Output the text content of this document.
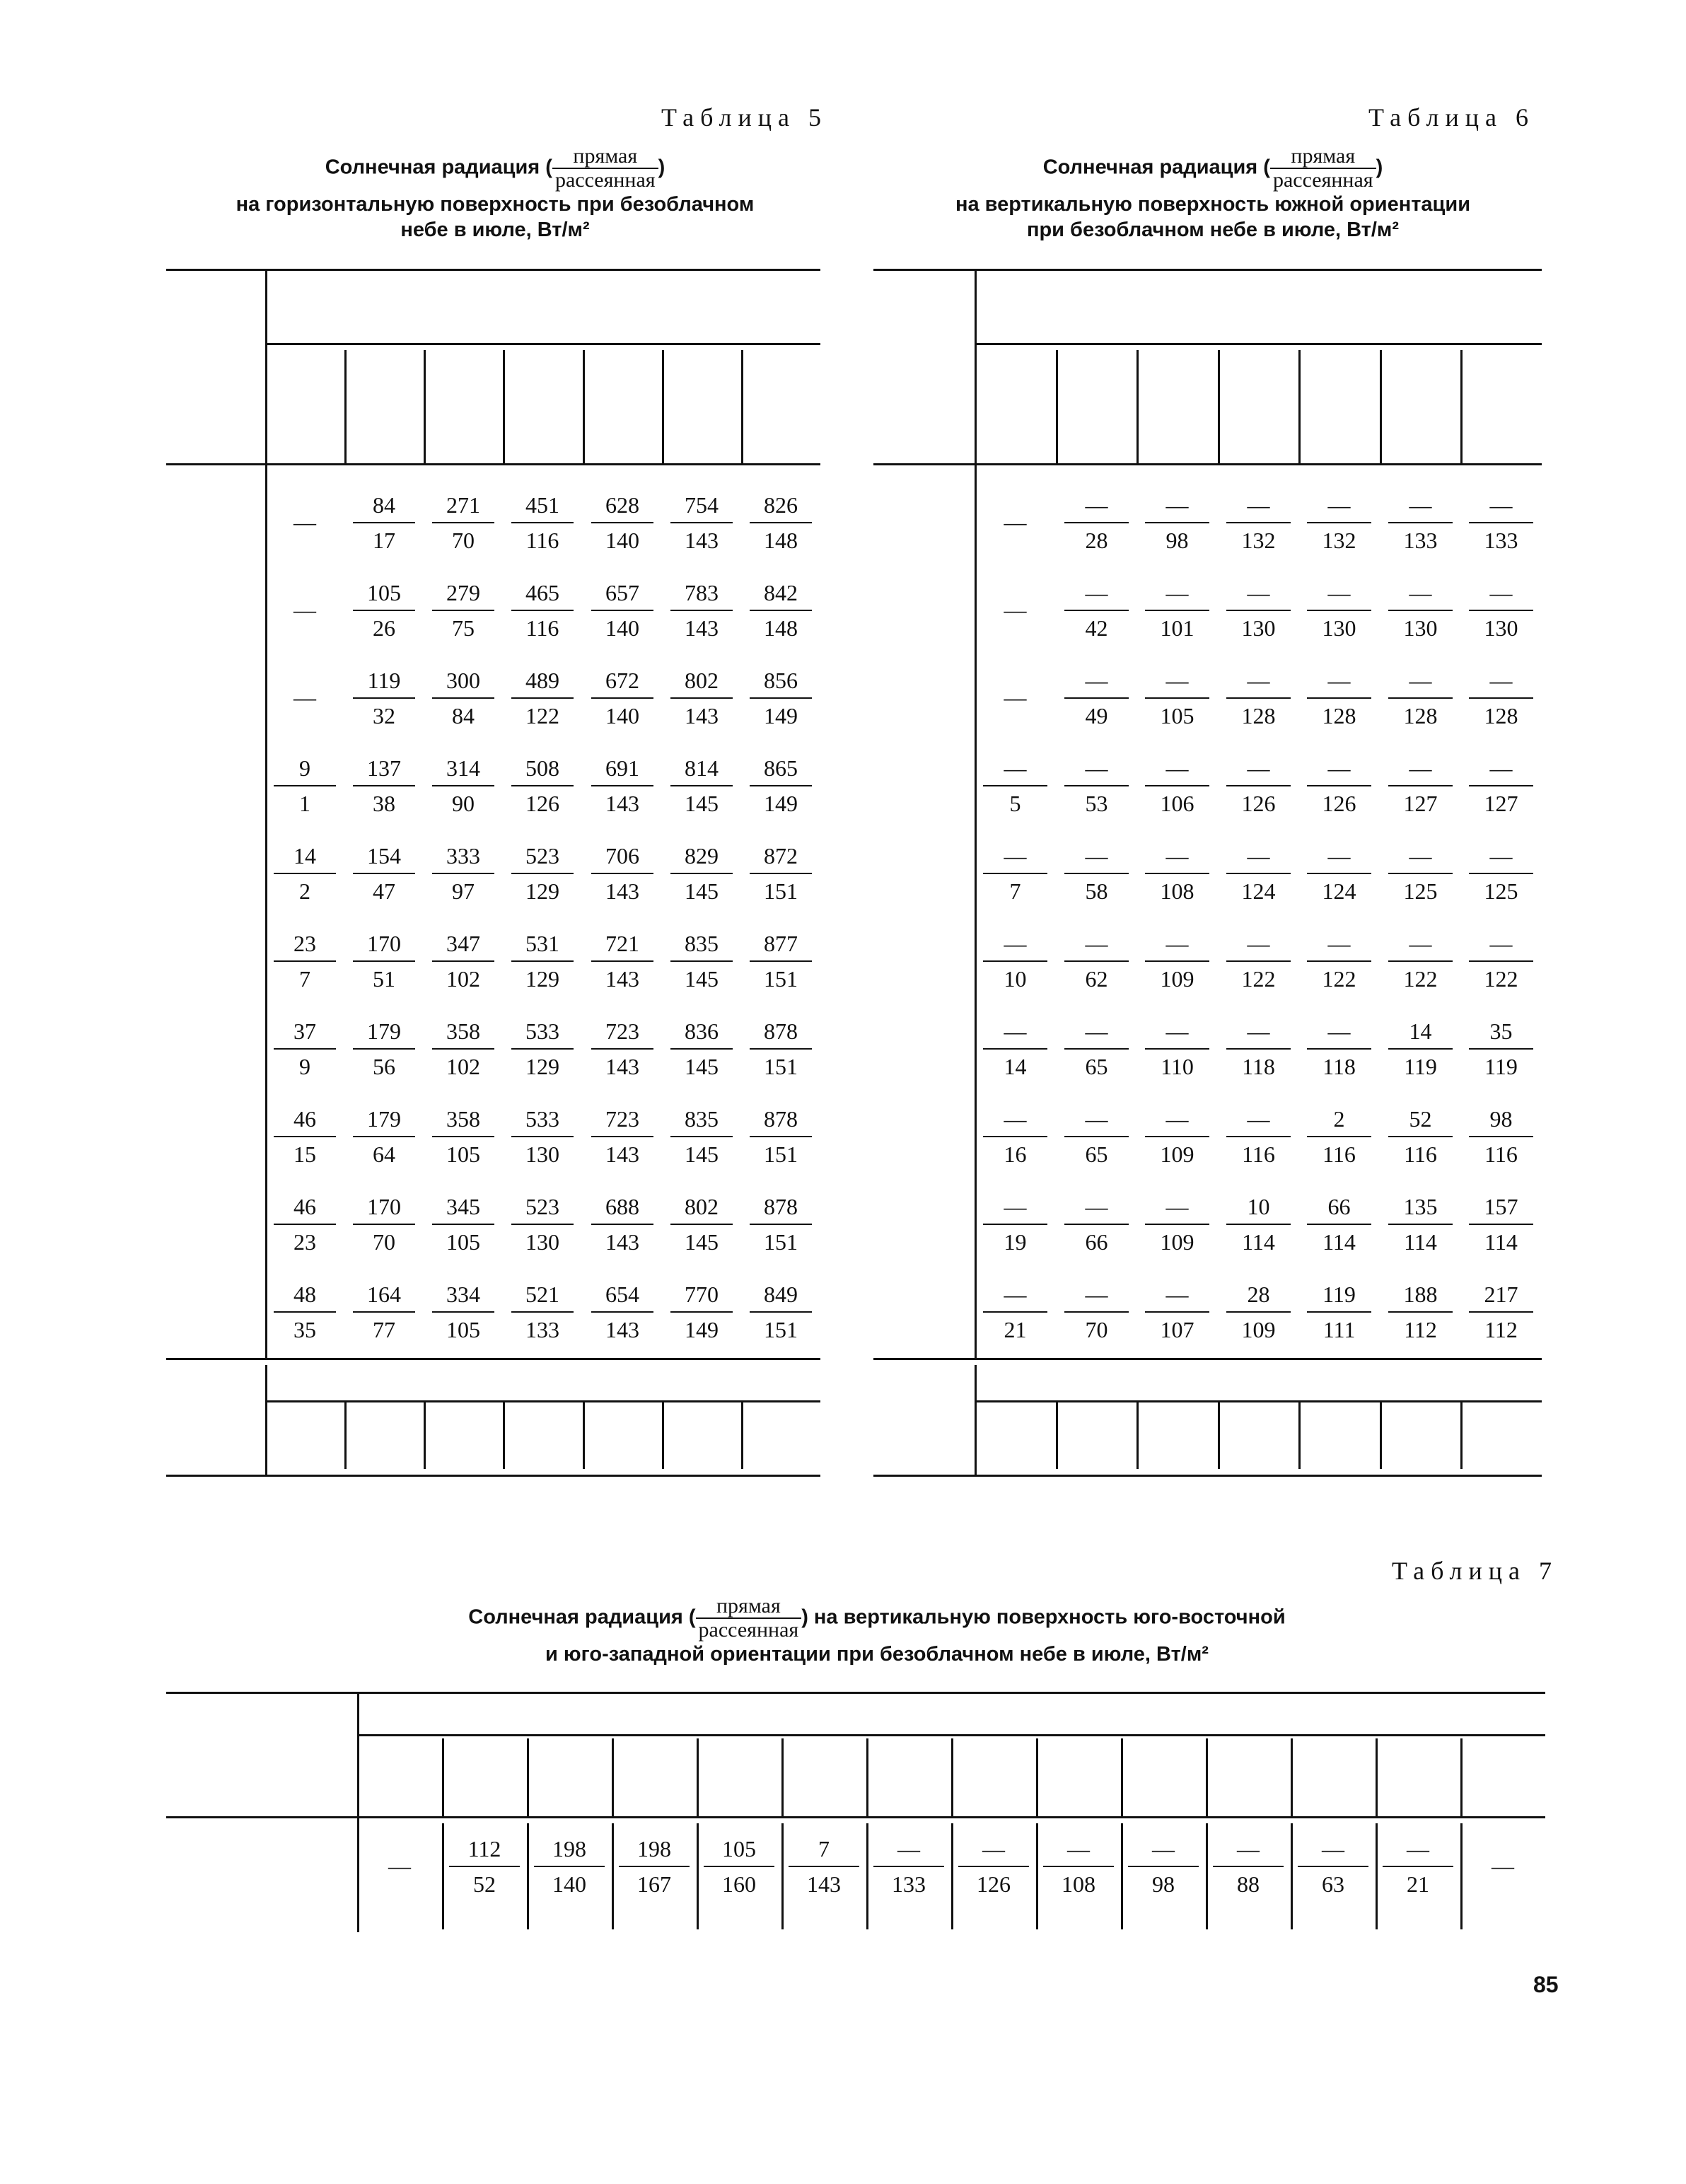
Таблица 5
Солнечная радиация ( $\frac{\text{прямая}}{\text{рассеянная}}$ )
на горизонтальную поверхность при безоблачном
небе в июле, Вт/м²
—
84
17
271
70
451
116
628
140
754
143
826
148
—
105
26
279
75
465
116
657
140
783
143
842
148
—
119
32
300
84
489
122
672
140
802
143
856
149
9
1
137
38
314
90
508
126
691
143
814
145
865
149
14
2
154
47
333
97
523
129
706
143
829
145
872
151
23
7
170
51
347
102
531
129
721
143
835
145
877
151
37
9
179
56
358
102
533
129
723
143
836
145
878
151
46
15
179
64
358
105
533
130
723
143
835
145
878
151
46
23
170
70
345
105
523
130
688
143
802
145
878
151
48
35
164
77
334
105
521
133
654
143
770
149
849
151
Таблица 6
Солнечная радиация ( $\frac{\text{прямая}}{\text{рассеянная}}$ )
на вертикальную поверхность южной ориентации
при безоблачном небе в июле, Вт/м²
—
—
28
—
98
—
132
—
132
—
133
—
133
—
—
42
—
101
—
130
—
130
—
130
—
130
—
—
49
—
105
—
128
—
128
—
128
—
128
—
5
—
53
—
106
—
126
—
126
—
127
—
127
—
7
—
58
—
108
—
124
—
124
—
125
—
125
—
10
—
62
—
109
—
122
—
122
—
122
—
122
—
14
—
65
—
110
—
118
—
118
14
119
35
119
—
16
—
65
—
109
—
116
2
116
52
116
98
116
—
19
—
66
—
109
10
114
66
114
135
114
157
114
—
21
—
70
—
107
28
109
119
111
188
112
217
112
Таблица 7
Солнечная радиация ( $\frac{\text{прямая}}{\text{рассеянная}}$ ) на вертикальную поверхность юго-восточной
и юго-западной ориентации при безоблачном небе в июле, Вт/м²
—
112
52
198
140
198
167
105
160
7
143
—
133
—
126
—
108
—
98
—
88
—
63
—
21
—
85
